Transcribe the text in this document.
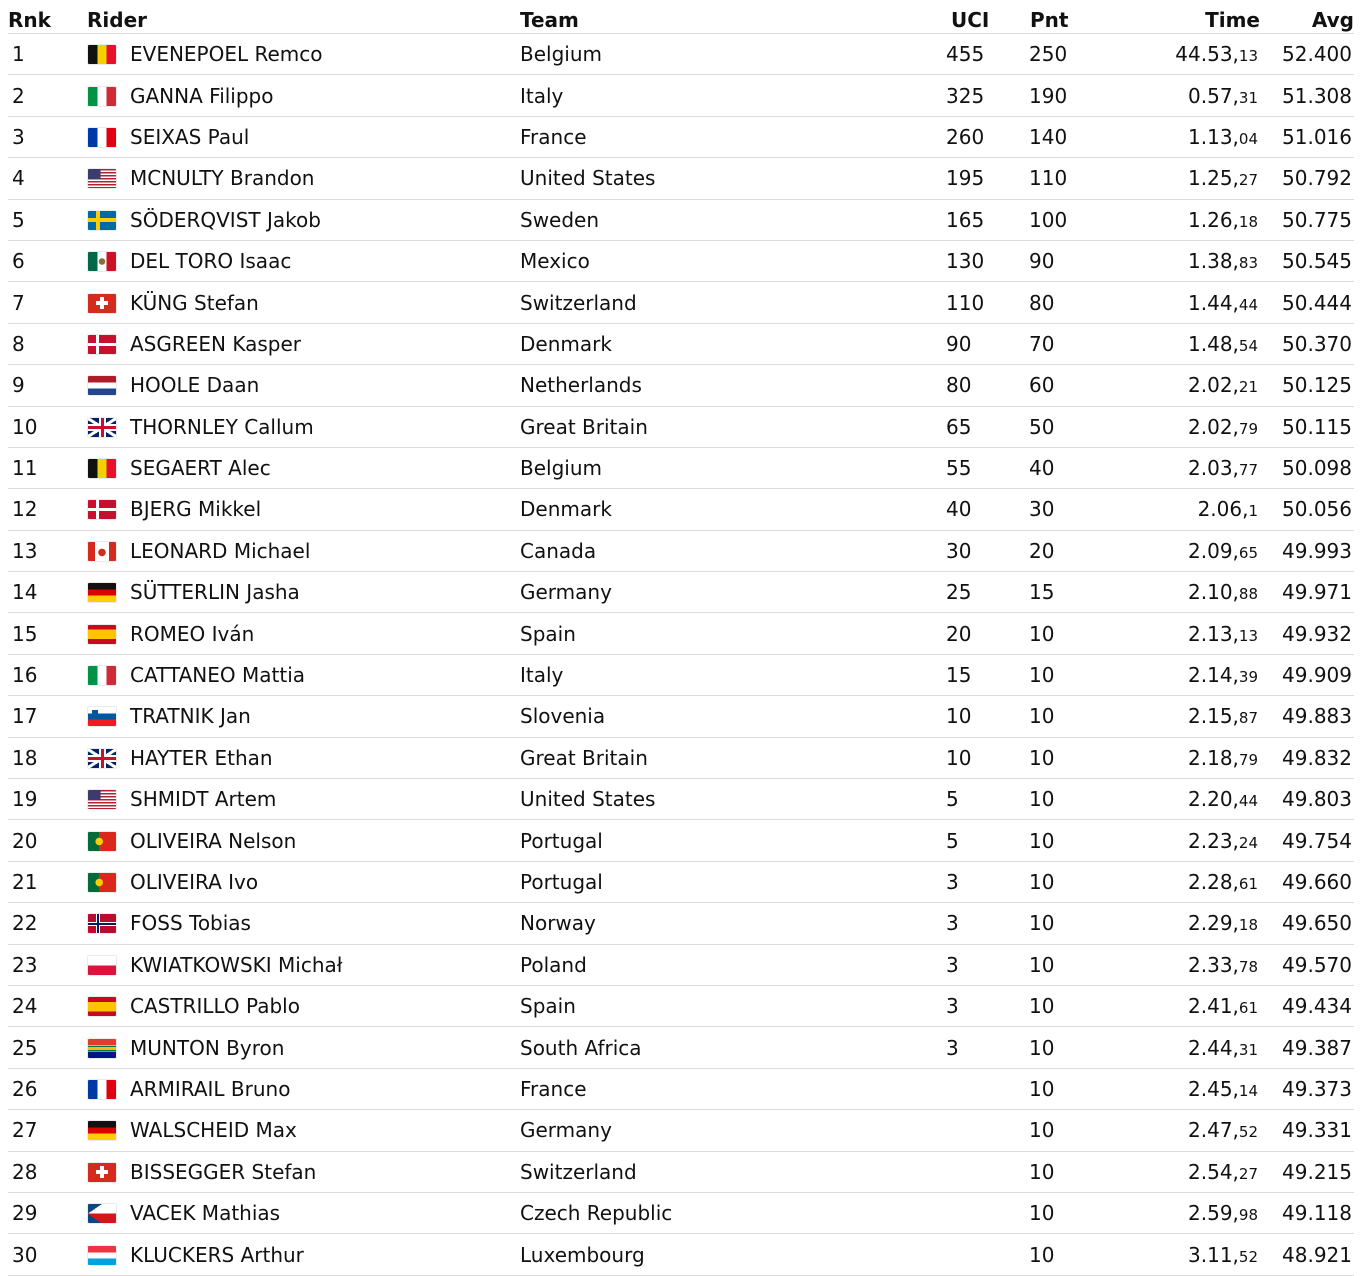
Rnk	Rider	Team	UCI	Pnt	Time	Avg
1	EVENEPOEL Remco	Belgium	455	250	44.53,13	52.400
2	GANNA Filippo	Italy	325	190	0.57,31	51.308
3	SEIXAS Paul	France	260	140	1.13,04	51.016
4	MCNULTY Brandon	United States	195	110	1.25,27	50.792
5	SÖDERQVIST Jakob	Sweden	165	100	1.26,18	50.775
6	DEL TORO Isaac	Mexico	130	90	1.38,83	50.545
7	KÜNG Stefan	Switzerland	110	80	1.44,44	50.444
8	ASGREEN Kasper	Denmark	90	70	1.48,54	50.370
9	HOOLE Daan	Netherlands	80	60	2.02,21	50.125
10	THORNLEY Callum	Great Britain	65	50	2.02,79	50.115
11	SEGAERT Alec	Belgium	55	40	2.03,77	50.098
12	BJERG Mikkel	Denmark	40	30	2.06,1	50.056
13	LEONARD Michael	Canada	30	20	2.09,65	49.993
14	SÜTTERLIN Jasha	Germany	25	15	2.10,88	49.971
15	ROMEO Iván	Spain	20	10	2.13,13	49.932
16	CATTANEO Mattia	Italy	15	10	2.14,39	49.909
17	TRATNIK Jan	Slovenia	10	10	2.15,87	49.883
18	HAYTER Ethan	Great Britain	10	10	2.18,79	49.832
19	SHMIDT Artem	United States	5	10	2.20,44	49.803
20	OLIVEIRA Nelson	Portugal	5	10	2.23,24	49.754
21	OLIVEIRA Ivo	Portugal	3	10	2.28,61	49.660
22	FOSS Tobias	Norway	3	10	2.29,18	49.650
23	KWIATKOWSKI Michał	Poland	3	10	2.33,78	49.570
24	CASTRILLO Pablo	Spain	3	10	2.41,61	49.434
25	MUNTON Byron	South Africa	3	10	2.44,31	49.387
26	ARMIRAIL Bruno	France		10	2.45,14	49.373
27	WALSCHEID Max	Germany		10	2.47,52	49.331
28	BISSEGGER Stefan	Switzerland		10	2.54,27	49.215
29	VACEK Mathias	Czech Republic		10	2.59,98	49.118
30	KLUCKERS Arthur	Luxembourg		10	3.11,52	48.921
